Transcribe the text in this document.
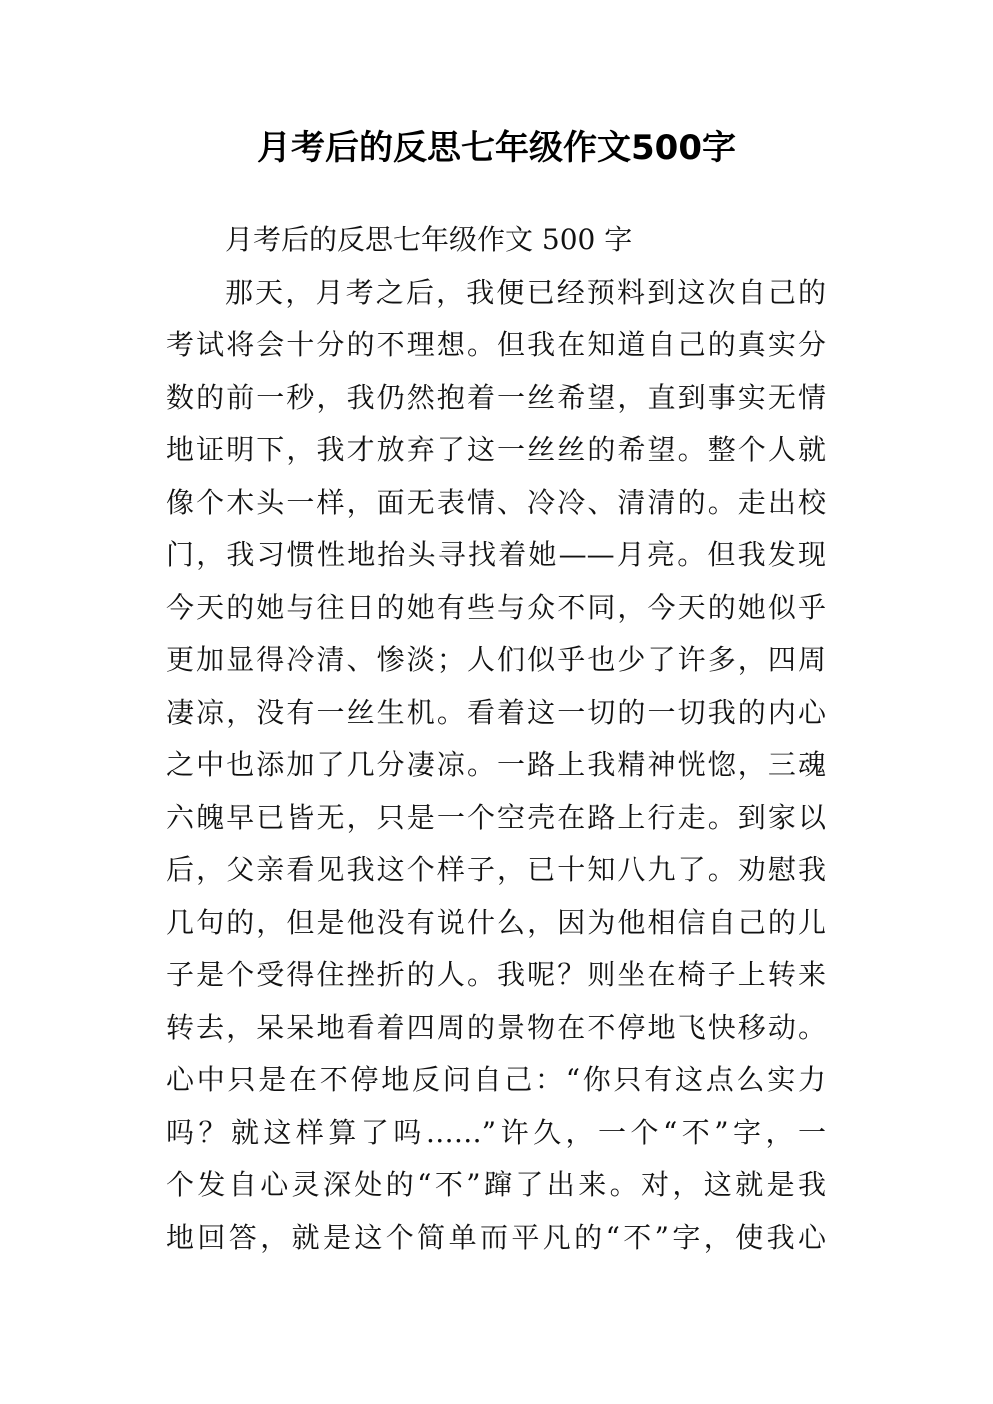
月考后的反思七年级作文500字
月考后的反思七年级作文 500 字
那天，月考之后，我便已经预料到这次自己的
考试将会十分的不理想。但我在知道自己的真实分
数的前一秒，我仍然抱着一丝希望，直到事实无情
地证明下，我才放弃了这一丝丝的希望。整个人就
像个木头一样，面无表情、冷冷、清清的。走出校
门，我习惯性地抬头寻找着她——月亮。但我发现
今天的她与往日的她有些与众不同，今天的她似乎
更加显得冷清、惨淡；人们似乎也少了许多，四周
凄凉，没有一丝生机。看着这一切的一切我的内心
之中也添加了几分凄凉。一路上我精神恍惚，三魂
六魄早已皆无，只是一个空壳在路上行走。到家以
后，父亲看见我这个样子，已十知八九了。劝慰我
几句的，但是他没有说什么，因为他相信自己的儿
子是个受得住挫折的人。我呢？则坐在椅子上转来
转去，呆呆地看着四周的景物在不停地飞快移动。
心中只是在不停地反问自己：“你只有这点么实力
吗？就这样算了吗……”许久，一个“不”字，一
个发自心灵深处的“不”蹿了出来。对，这就是我
地回答，就是这个简单而平凡的“不”字，使我心
